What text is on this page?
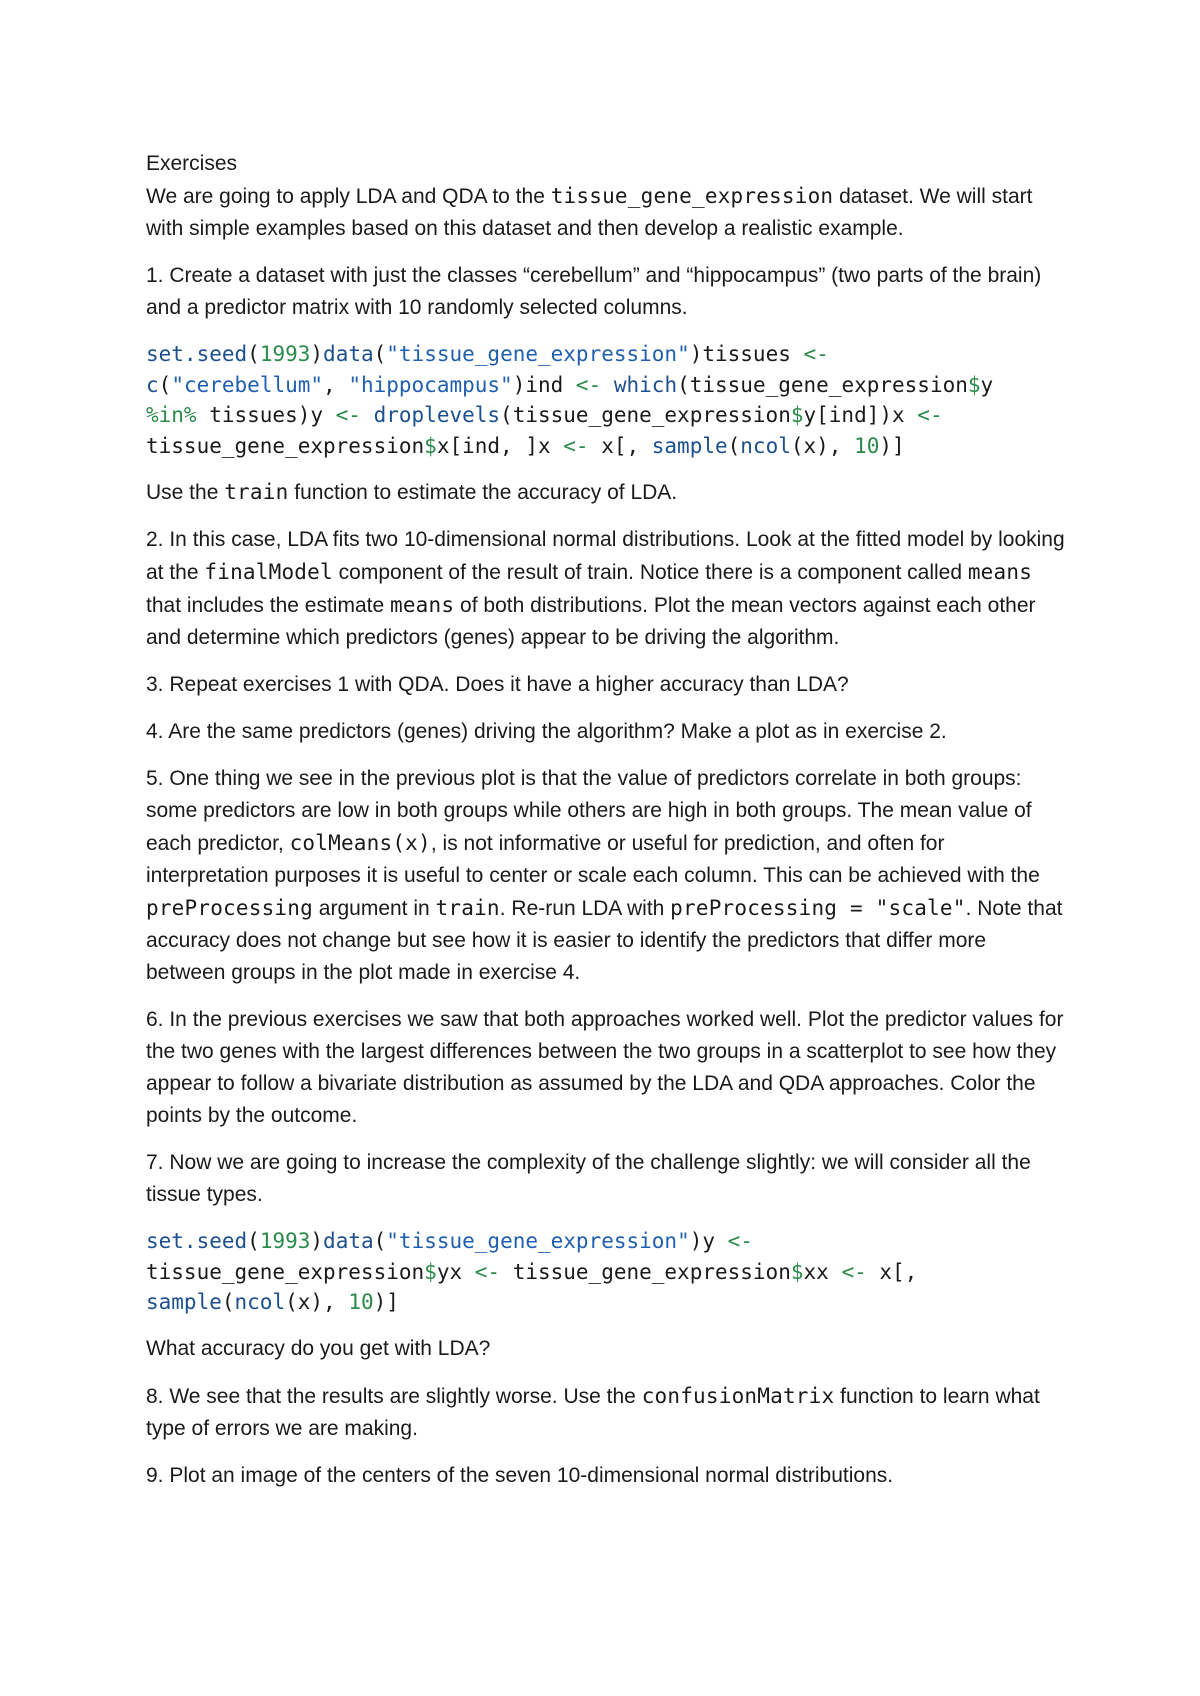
Exercises

We are going to apply LDA and QDA to the tissue_gene_expression dataset. We will start with simple examples based on this dataset and then develop a realistic example.

1. Create a dataset with just the classes “cerebellum” and “hippocampus” (two parts of the brain) and a predictor matrix with 10 randomly selected columns.

set.seed(1993)data("tissue_gene_expression")tissues <-
c("cerebellum", "hippocampus")ind <- which(tissue_gene_expression$y
%in% tissues)y <- droplevels(tissue_gene_expression$y[ind])x <-
tissue_gene_expression$x[ind, ]x <- x[, sample(ncol(x), 10)]

Use the train function to estimate the accuracy of LDA.

2. In this case, LDA fits two 10-dimensional normal distributions. Look at the fitted model by looking at the finalModel component of the result of train. Notice there is a component called means that includes the estimate means of both distributions. Plot the mean vectors against each other and determine which predictors (genes) appear to be driving the algorithm.

3. Repeat exercises 1 with QDA. Does it have a higher accuracy than LDA?

4. Are the same predictors (genes) driving the algorithm? Make a plot as in exercise 2.

5. One thing we see in the previous plot is that the value of predictors correlate in both groups: some predictors are low in both groups while others are high in both groups. The mean value of each predictor, colMeans(x), is not informative or useful for prediction, and often for interpretation purposes it is useful to center or scale each column. This can be achieved with the preProcessing argument in train. Re-run LDA with preProcessing = "scale". Note that accuracy does not change but see how it is easier to identify the predictors that differ more between groups in the plot made in exercise 4.

6. In the previous exercises we saw that both approaches worked well. Plot the predictor values for the two genes with the largest differences between the two groups in a scatterplot to see how they appear to follow a bivariate distribution as assumed by the LDA and QDA approaches. Color the points by the outcome.

7. Now we are going to increase the complexity of the challenge slightly: we will consider all the tissue types.

set.seed(1993)data("tissue_gene_expression")y <-
tissue_gene_expression$yx <- tissue_gene_expression$xx <- x[,
sample(ncol(x), 10)]

What accuracy do you get with LDA?

8. We see that the results are slightly worse. Use the confusionMatrix function to learn what type of errors we are making.

9. Plot an image of the centers of the seven 10-dimensional normal distributions.
